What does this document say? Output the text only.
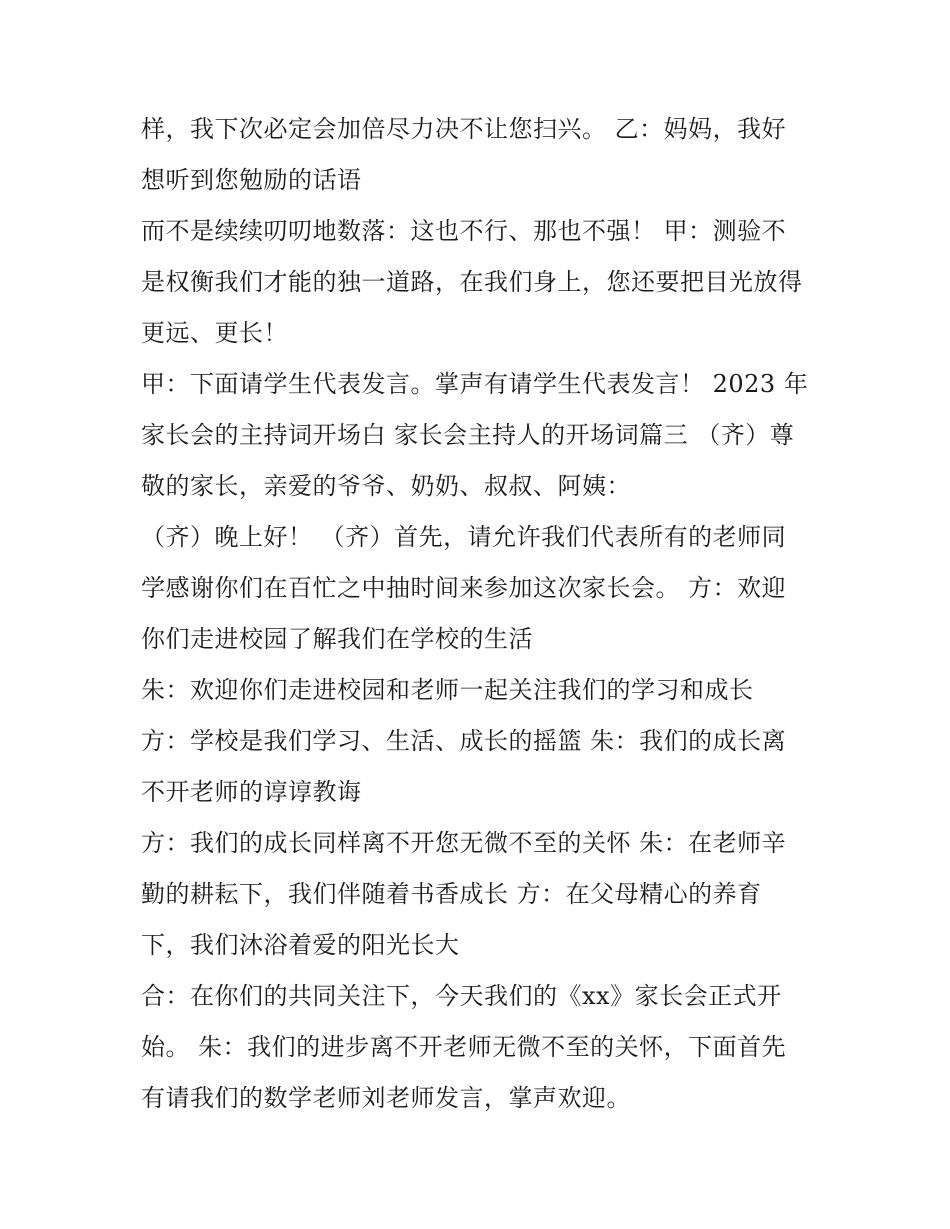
样，我下次必定会加倍尽力决不让您扫兴。 乙：妈妈，我好
想听到您勉励的话语
而不是续续叨叨地数落：这也不行、那也不强！ 甲：测验不
是权衡我们才能的独一道路，在我们身上，您还要把目光放得
更远、更长！
甲：下面请学生代表发言。掌声有请学生代表发言！ 2023 年
家长会的主持词开场白 家长会主持人的开场词篇三 （齐）尊
敬的家长，亲爱的爷爷、奶奶、叔叔、阿姨：
（齐）晚上好！ （齐）首先，请允许我们代表所有的老师同
学感谢你们在百忙之中抽时间来参加这次家长会。 方：欢迎
你们走进校园了解我们在学校的生活
朱：欢迎你们走进校园和老师一起关注我们的学习和成长
方：学校是我们学习、生活、成长的摇篮 朱：我们的成长离
不开老师的谆谆教诲
方：我们的成长同样离不开您无微不至的关怀 朱：在老师辛
勤的耕耘下，我们伴随着书香成长 方：在父母精心的养育
下，我们沐浴着爱的阳光长大
合：在你们的共同关注下，今天我们的《xx》家长会正式开
始。 朱：我们的进步离不开老师无微不至的关怀，下面首先
有请我们的数学老师刘老师发言，掌声欢迎。
